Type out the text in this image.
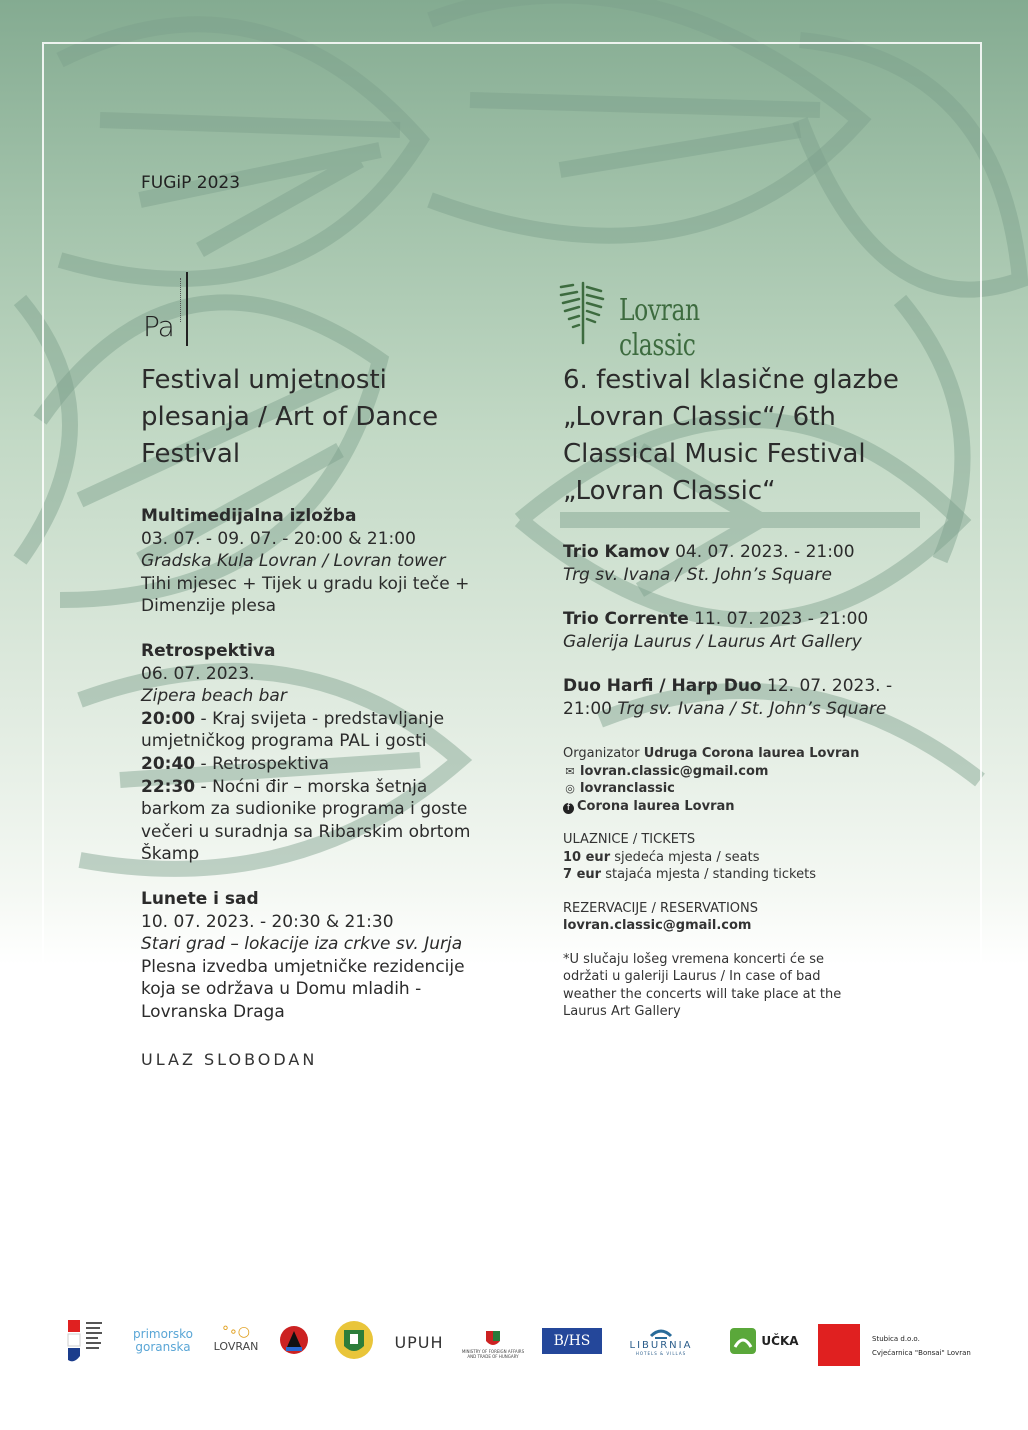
FUGiP 2023
Pa
Festival umjetnosti plesanja / Art of Dance Festival
Multimedijalna izložba
03. 07. - 09. 07. - 20:00 & 21:00
Gradska Kula Lovran / Lovran tower
Tihi mjesec + Tijek u gradu koji teče + Dimenzije plesa
Retrospektiva
06. 07. 2023.
Zipera beach bar
20:00 - Kraj svijeta - predstavljanje umjetničkog programa PAL i gosti
20:40 - Retrospektiva
22:30 - Noćni đir – morska šetnja barkom za sudionike programa i goste večeri u suradnja sa Ribarskim obrtom Škamp
Lunete i sad
10. 07. 2023. - 20:30 & 21:30
Stari grad – lokacije iza crkve sv. Jurja
Plesna izvedba umjetničke rezidencije koja se održava u Domu mladih - Lovranska Draga
ULAZ SLOBODAN
Lovran classic
6. festival klasične glazbe „Lovran Classic“/ 6th Classical Music Festival „Lovran Classic“
Trio Kamov 04. 07. 2023. - 21:00
Trg sv. Ivana / St. John’s Square
Trio Corrente 11. 07. 2023 - 21:00
Galerija Laurus / Laurus Art Gallery
Duo Harfi / Harp Duo 12. 07. 2023. - 21:00 Trg sv. Ivana / St. John’s Square
Organizator Udruga Corona laurea Lovran
✉ lovran.classic@gmail.com
◎ lovranclassic
f Corona laurea Lovran
ULAZNICE / TICKETS
10 eur sjedeća mjesta / seats
7 eur stajaća mjesta / standing tickets
REZERVACIJE / RESERVATIONS
lovran.classic@gmail.com
*U slučaju lošeg vremena koncerti će se održati u galeriji Laurus / In case of bad weather the concerts will take place at the Laurus Art Gallery
primorsko goranska
°∘○
LOVRAN	UPUH	MINISTRY OF FOREIGN AFFAIRS AND TRADE OF HUNGARY
B/HS	LIBURNIA
HOTELS & VILLAS
UČKA	Stubica d.o.o.
Cvjećarnica "Bonsai" Lovran
